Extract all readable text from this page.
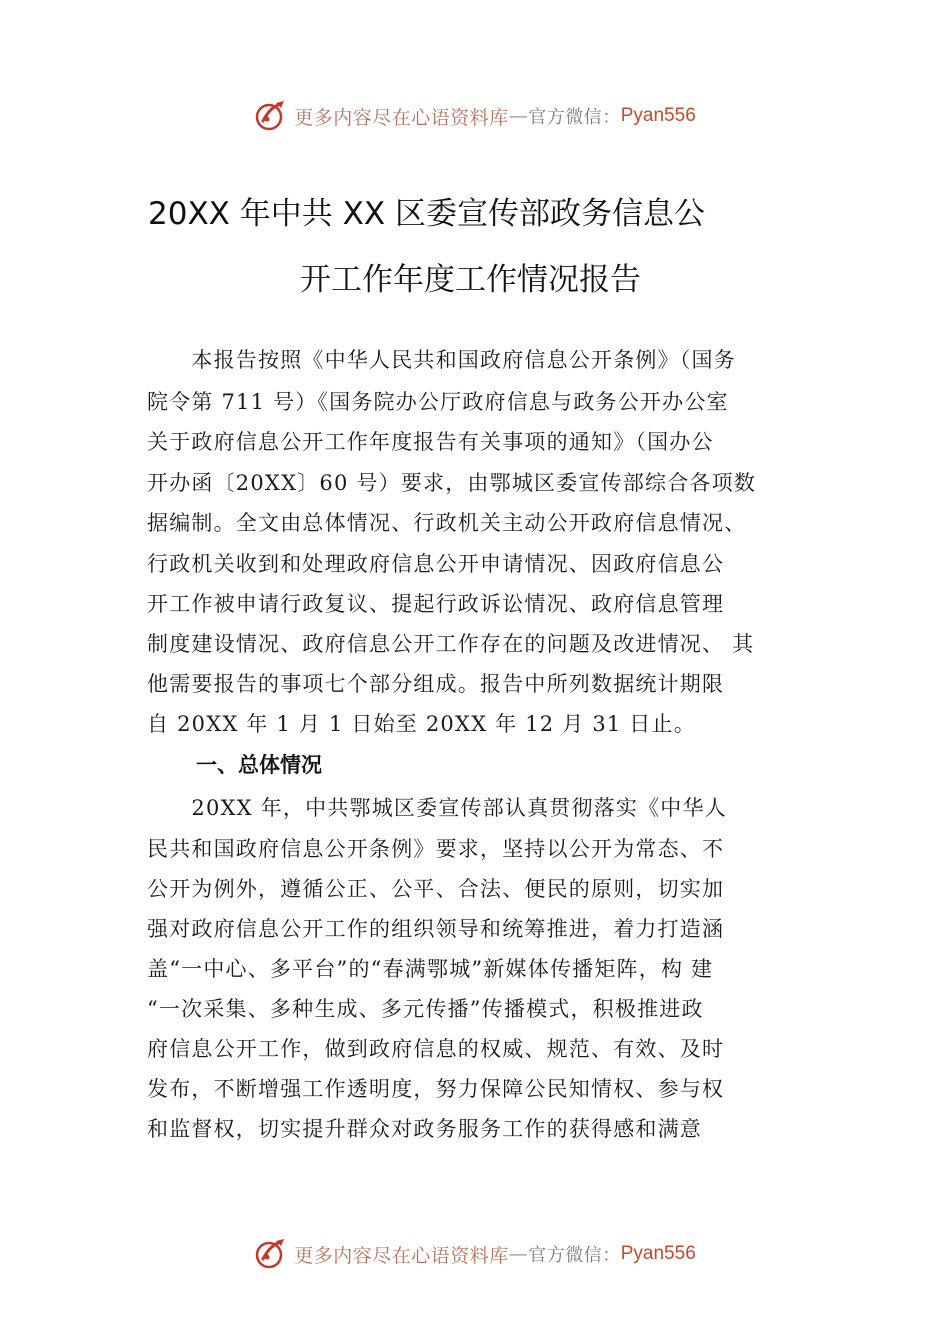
更多内容尽在心语资料库 — 官方微信： Pyan556
20XX 年中共 XX 区委宣传部政务信息公
开工作年度工作情况报告
　　本报告按照《中华人民共和国政府信息公开条例》（国务
院令第 711 号）《国务院办公厅政府信息与政务公开办公室
关于政府信息公开工作年度报告有关事项的通知》（国办公
开办函〔20XX〕60 号）要求，由鄂城区委宣传部综合各项数
据编制。全文由总体情况、行政机关主动公开政府信息情况、
行政机关收到和处理政府信息公开申请情况、因政府信息公
开工作被申请行政复议、提起行政诉讼情况、政府信息管理
制度建设情况、政府信息公开工作存在的问题及改进情况、 其
他需要报告的事项七个部分组成。报告中所列数据统计期限
自 20XX 年 1 月 1 日始至 20XX 年 12 月 31 日止。
一、总体情况
　　20XX 年，中共鄂城区委宣传部认真贯彻落实《中华人
民共和国政府信息公开条例》要求，坚持以公开为常态、不
公开为例外，遵循公正、公平、合法、便民的原则，切实加
强对政府信息公开工作的组织领导和统筹推进，着力打造涵
盖“一中心、多平台”的“春满鄂城”新媒体传播矩阵，构 建
“一次采集、多种生成、多元传播”传播模式，积极推进政
府信息公开工作，做到政府信息的权威、规范、有效、及时
发布，不断增强工作透明度，努力保障公民知情权、参与权
和监督权，切实提升群众对政务服务工作的获得感和满意
更多内容尽在心语资料库 — 官方微信： Pyan556
